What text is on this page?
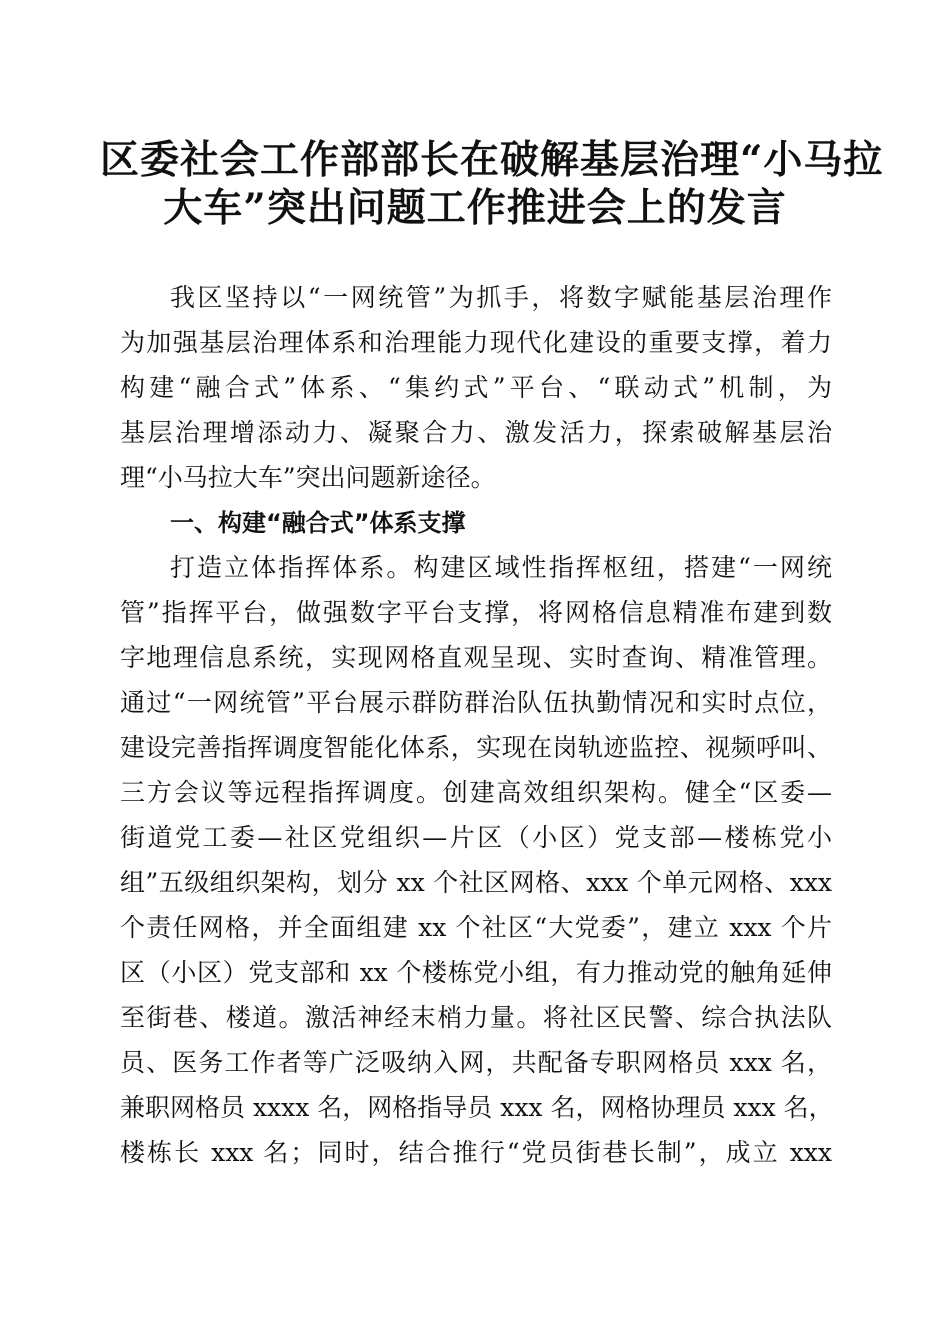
区委社会工作部部长在破解基层治理“小马拉
大车”突出问题工作推进会上的发言

我区坚持以“一网统管”为抓手，将数字赋能基层治理作

为加强基层治理体系和治理能力现代化建设的重要支撑，着力

构建“融合式”体系、“集约式”平台、“联动式”机制，为

基层治理增添动力、凝聚合力、激发活力，探索破解基层治

理“小马拉大车”突出问题新途径。

一、构建“融合式”体系支撑

打造立体指挥体系。构建区域性指挥枢纽，搭建“一网统

管”指挥平台，做强数字平台支撑，将网格信息精准布建到数

字地理信息系统，实现网格直观呈现、实时查询、精准管理。

通过“一网统管”平台展示群防群治队伍执勤情况和实时点位，

建设完善指挥调度智能化体系，实现在岗轨迹监控、视频呼叫、

三方会议等远程指挥调度。创建高效组织架构。健全“区委—

街道党工委—社区党组织—片区（小区）党支部—楼栋党小

组”五级组织架构，划分 xx 个社区网格、xxx 个单元网格、xxx

个责任网格，并全面组建 xx 个社区“大党委”，建立 xxx 个片

区（小区）党支部和 xx 个楼栋党小组，有力推动党的触角延伸

至街巷、楼道。激活神经末梢力量。将社区民警、综合执法队

员、医务工作者等广泛吸纳入网，共配备专职网格员 xxx 名，

兼职网格员 xxxx 名，网格指导员 xxx 名，网格协理员 xxx 名，

楼栋长 xxx 名；同时，结合推行“党员街巷长制”，成立 xxx
